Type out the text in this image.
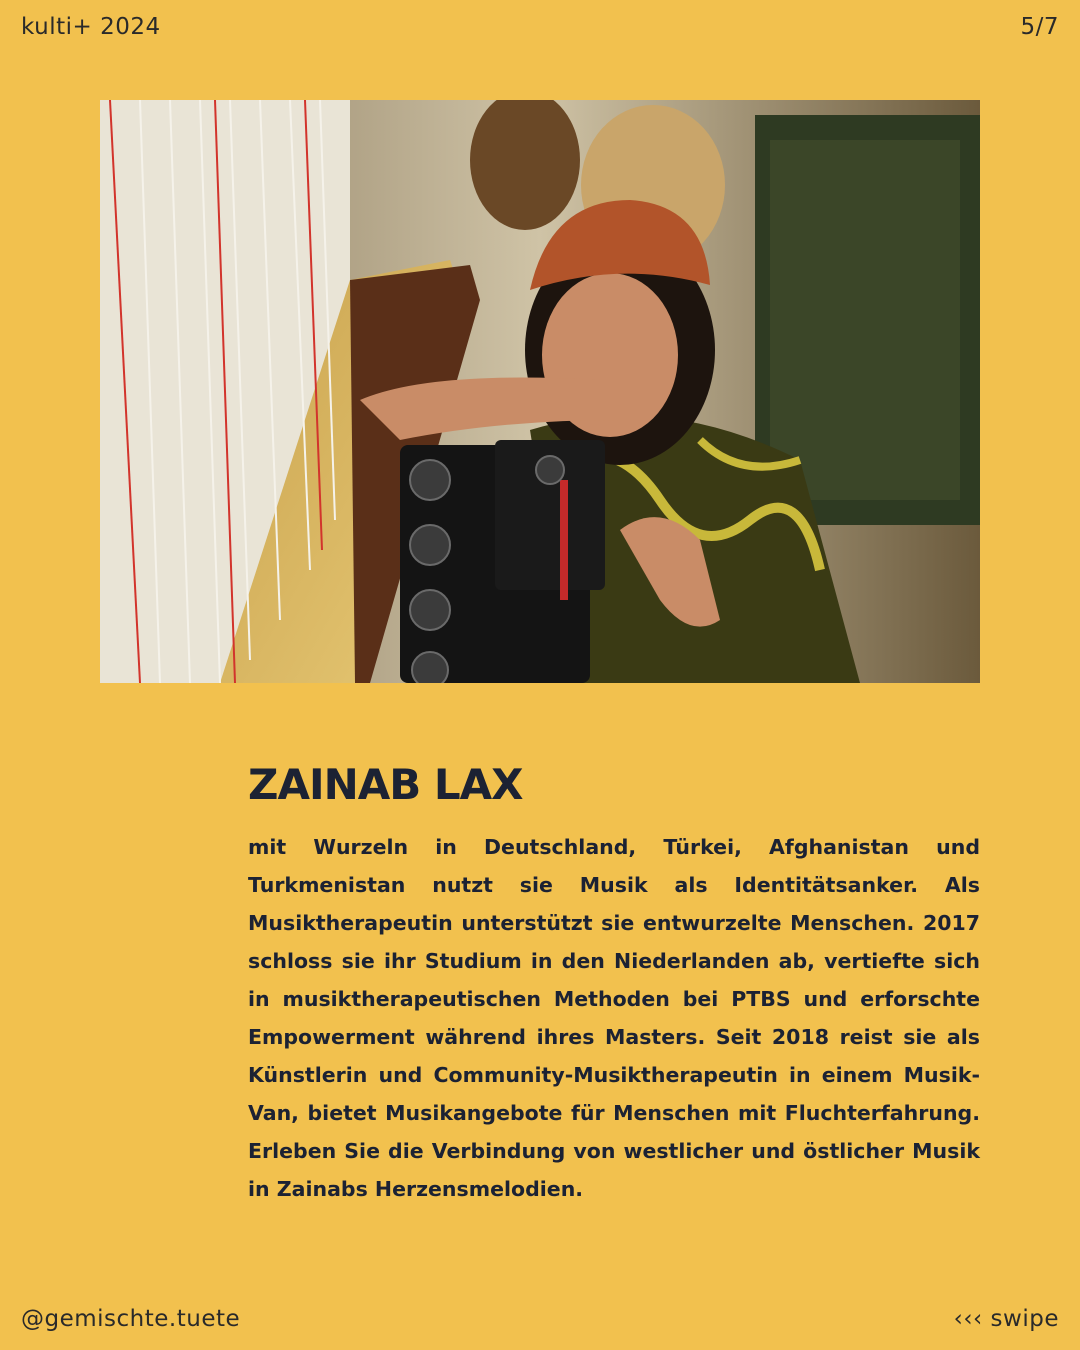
kulti+ 2024	5/7
ZAINAB LAX

mit Wurzeln in Deutschland, Türkei, Afghanistan und Turkmenistan nutzt sie Musik als Identitätsanker. Als Musiktherapeutin unterstützt sie entwurzelte Menschen. 2017 schloss sie ihr Studium in den Niederlanden ab, vertiefte sich in musiktherapeutischen Methoden bei PTBS und erforschte Empowerment während ihres Masters. Seit 2018 reist sie als Künstlerin und Community-Musiktherapeutin in einem Musik-Van, bietet Musikangebote für Menschen mit Fluchterfahrung. Erleben Sie die Verbindung von westlicher und östlicher Musik in Zainabs Herzensmelodien.

@gemischte.tuete	‹‹‹ swipe
